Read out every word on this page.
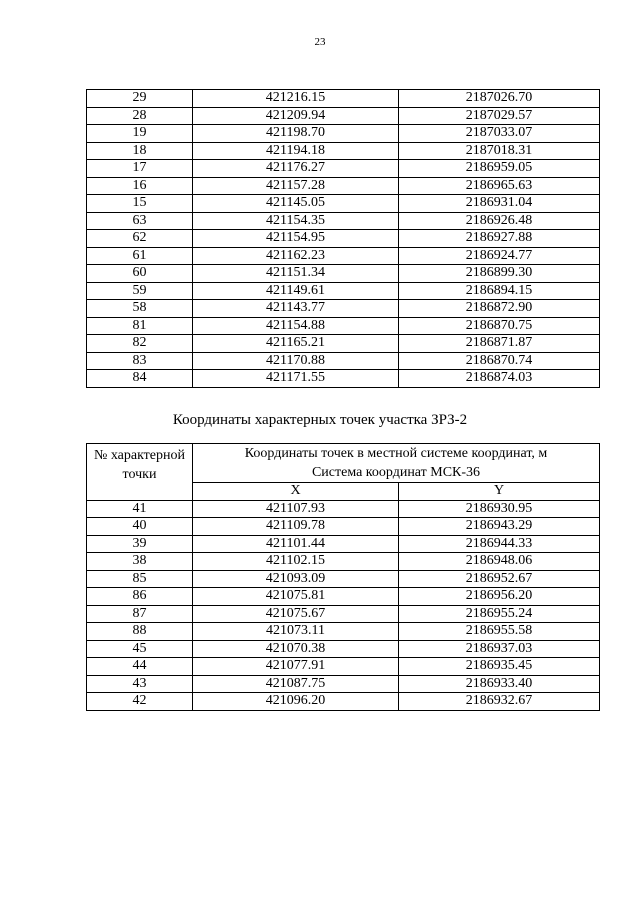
23
29	421216.15	2187026.70
28	421209.94	2187029.57
19	421198.70	2187033.07
18	421194.18	2187018.31
17	421176.27	2186959.05
16	421157.28	2186965.63
15	421145.05	2186931.04
63	421154.35	2186926.48
62	421154.95	2186927.88
61	421162.23	2186924.77
60	421151.34	2186899.30
59	421149.61	2186894.15
58	421143.77	2186872.90
81	421154.88	2186870.75
82	421165.21	2186871.87
83	421170.88	2186870.74
84	421171.55	2186874.03
Координаты характерных точек участка ЗРЗ-2
№ характерной точки	Координаты точек в местной системе координат, м
Система координат МСК-36	
	X	Y
41	421107.93	2186930.95
40	421109.78	2186943.29
39	421101.44	2186944.33
38	421102.15	2186948.06
85	421093.09	2186952.67
86	421075.81	2186956.20
87	421075.67	2186955.24
88	421073.11	2186955.58
45	421070.38	2186937.03
44	421077.91	2186935.45
43	421087.75	2186933.40
42	421096.20	2186932.67
